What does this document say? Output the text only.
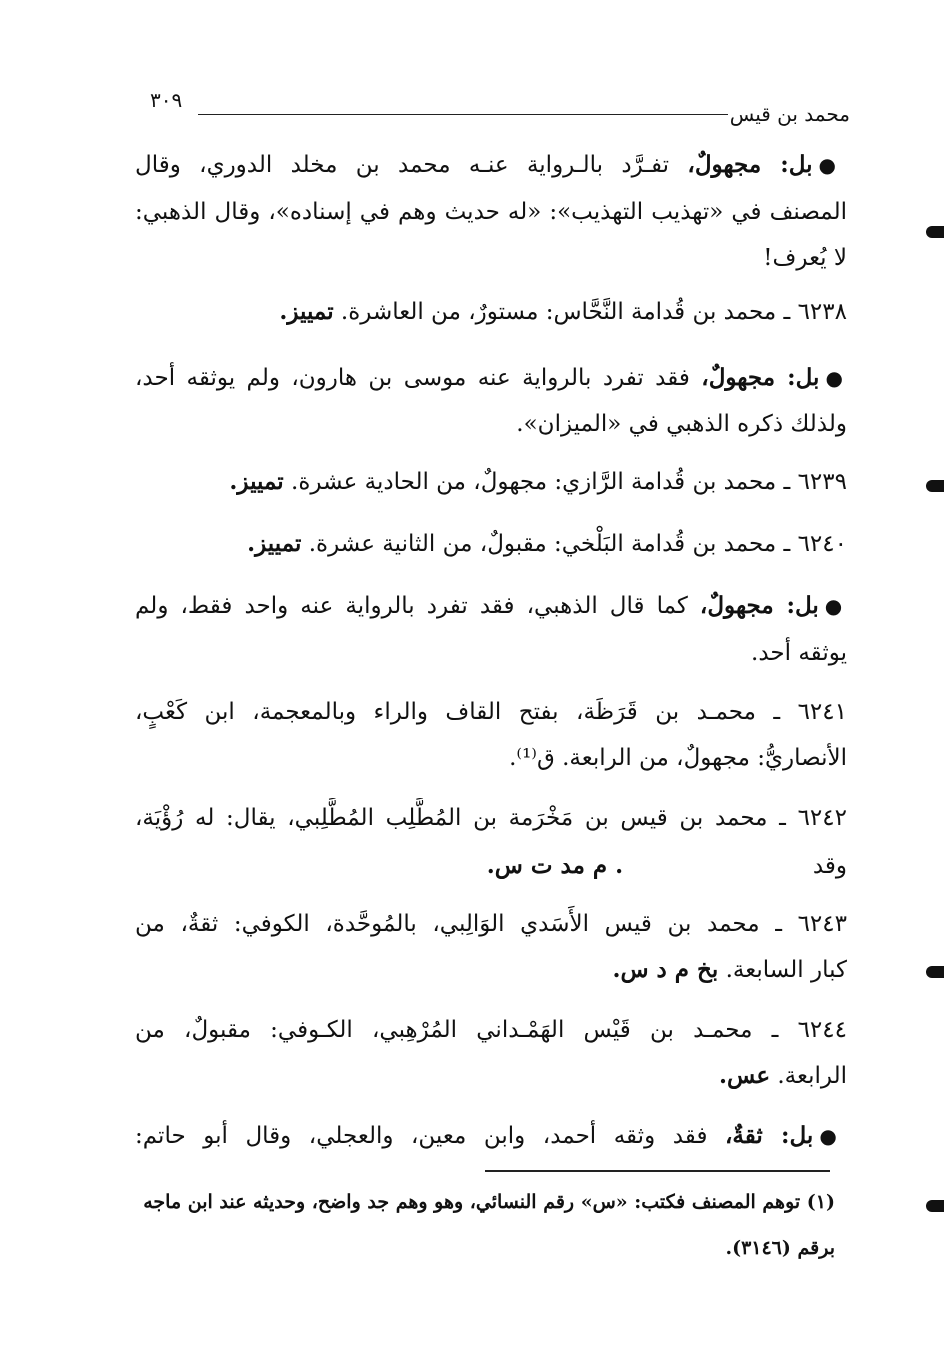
محمد بن قيس
٣٠٩
●بل: مجهولٌ، تفـرَّد بالـرواية عنـه محمد بن مخلد الدوري، وقال
المصنف في «تهذيب التهذيب»: «له حديث وهم في إسناده»، وقال الذهبي:
لا يُعرف!
٦٢٣٨ ـ محمد بن قُدامة النَّحَّاس: مستورٌ، من العاشرة. تمييز.
●بل: مجهولٌ، فقد تفرد بالرواية عنه موسى بن هارون، ولم يوثقه أحد،
ولذلك ذكره الذهبي في «الميزان».
٦٢٣٩ ـ محمد بن قُدامة الرَّازي: مجهولٌ، من الحادية عشرة. تمييز.
٦٢٤٠ ـ محمد بن قُدامة البَلْخي: مقبولٌ، من الثانية عشرة. تمييز.
●بل: مجهولٌ، كما قال الذهبي، فقد تفرد بالرواية عنه واحد فقط، ولم
يوثقه أحد.
٦٢٤١ ـ محمـد بن قَرَظَة، بفتح القاف والراء وبالمعجمة، ابن كَعْبٍ،
الأنصاريُّ: مجهولٌ، من الرابعة. ق⁽¹⁾.
٦٢٤٢ ـ محمد بن قيس بن مَخْرَمة بن المُطَّلِب المُطَّلِبي، يقال: له رُؤْيَة،
وقد  . م مد ت س.
٦٢٤٣ ـ محمد بن قيس الأَسَدي الوَالِبي، بالمُوحَّدة، الكوفي: ثقةٌ، من
كبار السابعة. بخ م د س.
٦٢٤٤ ـ محمـد بن قَيْس الهَمْـداني المُرْهِبي، الكـوفي: مقبولٌ، من
الرابعة. عس.
●بل: ثقةٌ، فقد وثقه أحمد، وابن معين، والعجلي، وقال أبو حاتم:
(١) توهم المصنف فكتب: «س» رقم النسائي، وهو وهم جد واضح، وحديثه عند ابن ماجه
برقم (٣١٤٦).
